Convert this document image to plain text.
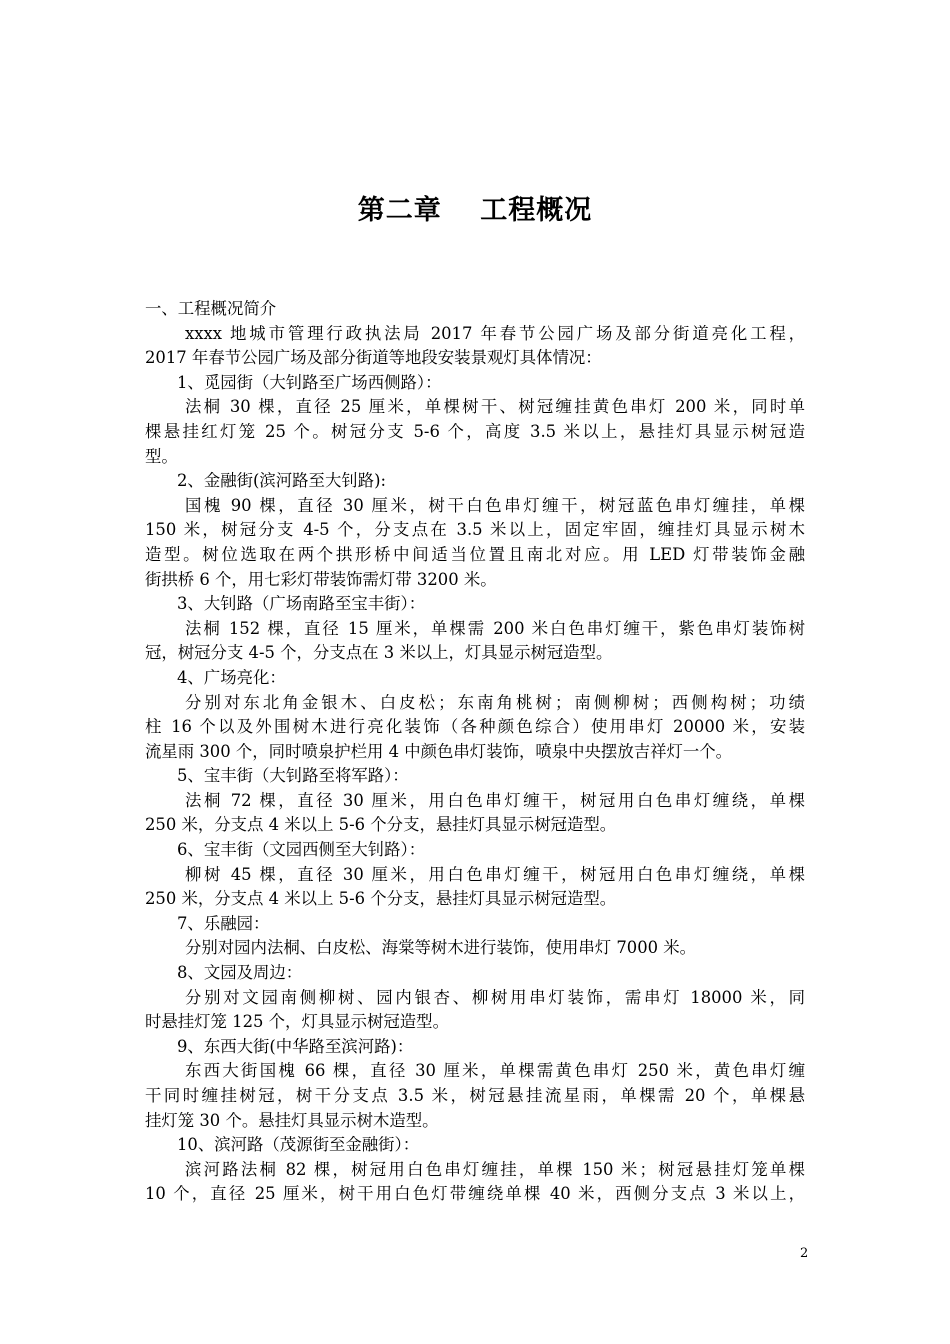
第二章　 工程概况
一、工程概况简介
xxxx 地城市管理行政执法局 2017 年春节公园广场及部分街道亮化工程，
2017 年春节公园广场及部分街道等地段安装景观灯具体情况：
1、觅园街（大钊路至广场西侧路）：
法桐 30 棵，直径 25 厘米，单棵树干、树冠缠挂黄色串灯 200 米，同时单
棵悬挂红灯笼 25 个。树冠分支 5-6 个，高度 3.5 米以上，悬挂灯具显示树冠造
型。
2、金融街(滨河路至大钊路):
国槐 90 棵，直径 30 厘米，树干白色串灯缠干，树冠蓝色串灯缠挂，单棵
150 米，树冠分支 4-5 个，分支点在 3.5 米以上，固定牢固，缠挂灯具显示树木
造型。树位选取在两个拱形桥中间适当位置且南北对应。用 LED 灯带装饰金融
街拱桥 6 个，用七彩灯带装饰需灯带 3200 米。
3、大钊路（广场南路至宝丰街）：
法桐 152 棵，直径 15 厘米，单棵需 200 米白色串灯缠干，紫色串灯装饰树
冠，树冠分支 4-5 个，分支点在 3 米以上，灯具显示树冠造型。
4、广场亮化：
分别对东北角金银木、白皮松；东南角桃树；南侧柳树；西侧构树；功绩
柱 16 个以及外围树木进行亮化装饰（各种颜色综合）使用串灯 20000 米，安装
流星雨 300 个，同时喷泉护栏用 4 中颜色串灯装饰，喷泉中央摆放吉祥灯一个。
5、宝丰街（大钊路至将军路）：
法桐 72 棵，直径 30 厘米，用白色串灯缠干，树冠用白色串灯缠绕，单棵
250 米，分支点 4 米以上 5-6 个分支，悬挂灯具显示树冠造型。
6、宝丰街（文园西侧至大钊路）：
柳树 45 棵，直径 30 厘米，用白色串灯缠干，树冠用白色串灯缠绕，单棵
250 米，分支点 4 米以上 5-6 个分支，悬挂灯具显示树冠造型。
7、乐融园：
分别对园内法桐、白皮松、海棠等树木进行装饰，使用串灯 7000 米。
8、文园及周边：
分别对文园南侧柳树、园内银杏、柳树用串灯装饰，需串灯 18000 米，同
时悬挂灯笼 125 个，灯具显示树冠造型。
9、东西大街(中华路至滨河路)：
东西大街国槐 66 棵，直径 30 厘米，单棵需黄色串灯 250 米，黄色串灯缠
干同时缠挂树冠，树干分支点 3.5 米，树冠悬挂流星雨，单棵需 20 个，单棵悬
挂灯笼 30 个。悬挂灯具显示树木造型。
10、滨河路（茂源街至金融街）：
滨河路法桐 82 棵，树冠用白色串灯缠挂，单棵 150 米；树冠悬挂灯笼单棵
10 个，直径 25 厘米，树干用白色灯带缠绕单棵 40 米，西侧分支点 3 米以上，
2
